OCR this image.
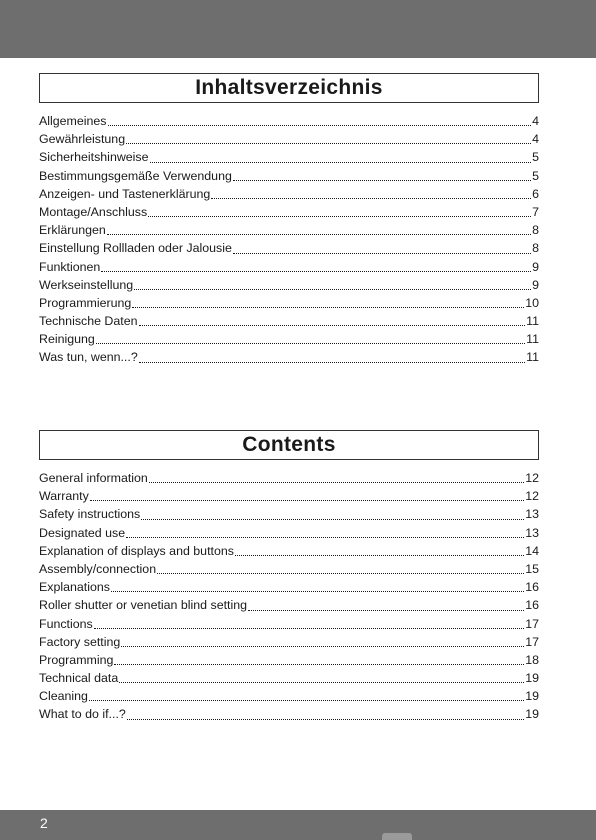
Inhaltsverzeichnis
Allgemeines	4
Gewährleistung	4
Sicherheitshinweise	5
Bestimmungsgemäße Verwendung	5
Anzeigen- und Tastenerklärung	6
Montage/Anschluss	7
Erklärungen	8
Einstellung Rollladen oder Jalousie	8
Funktionen	9
Werkseinstellung	9
Programmierung	10
Technische Daten	11
Reinigung	11
Was tun, wenn...?	11
Contents
General information	12
Warranty	12
Safety instructions	13
Designated use	13
Explanation of displays and buttons	14
Assembly/connection	15
Explanations	16
Roller shutter or venetian blind setting	16
Functions	17
Factory setting	17
Programming	18
Technical data	19
Cleaning	19
What to do if...?	19
2
